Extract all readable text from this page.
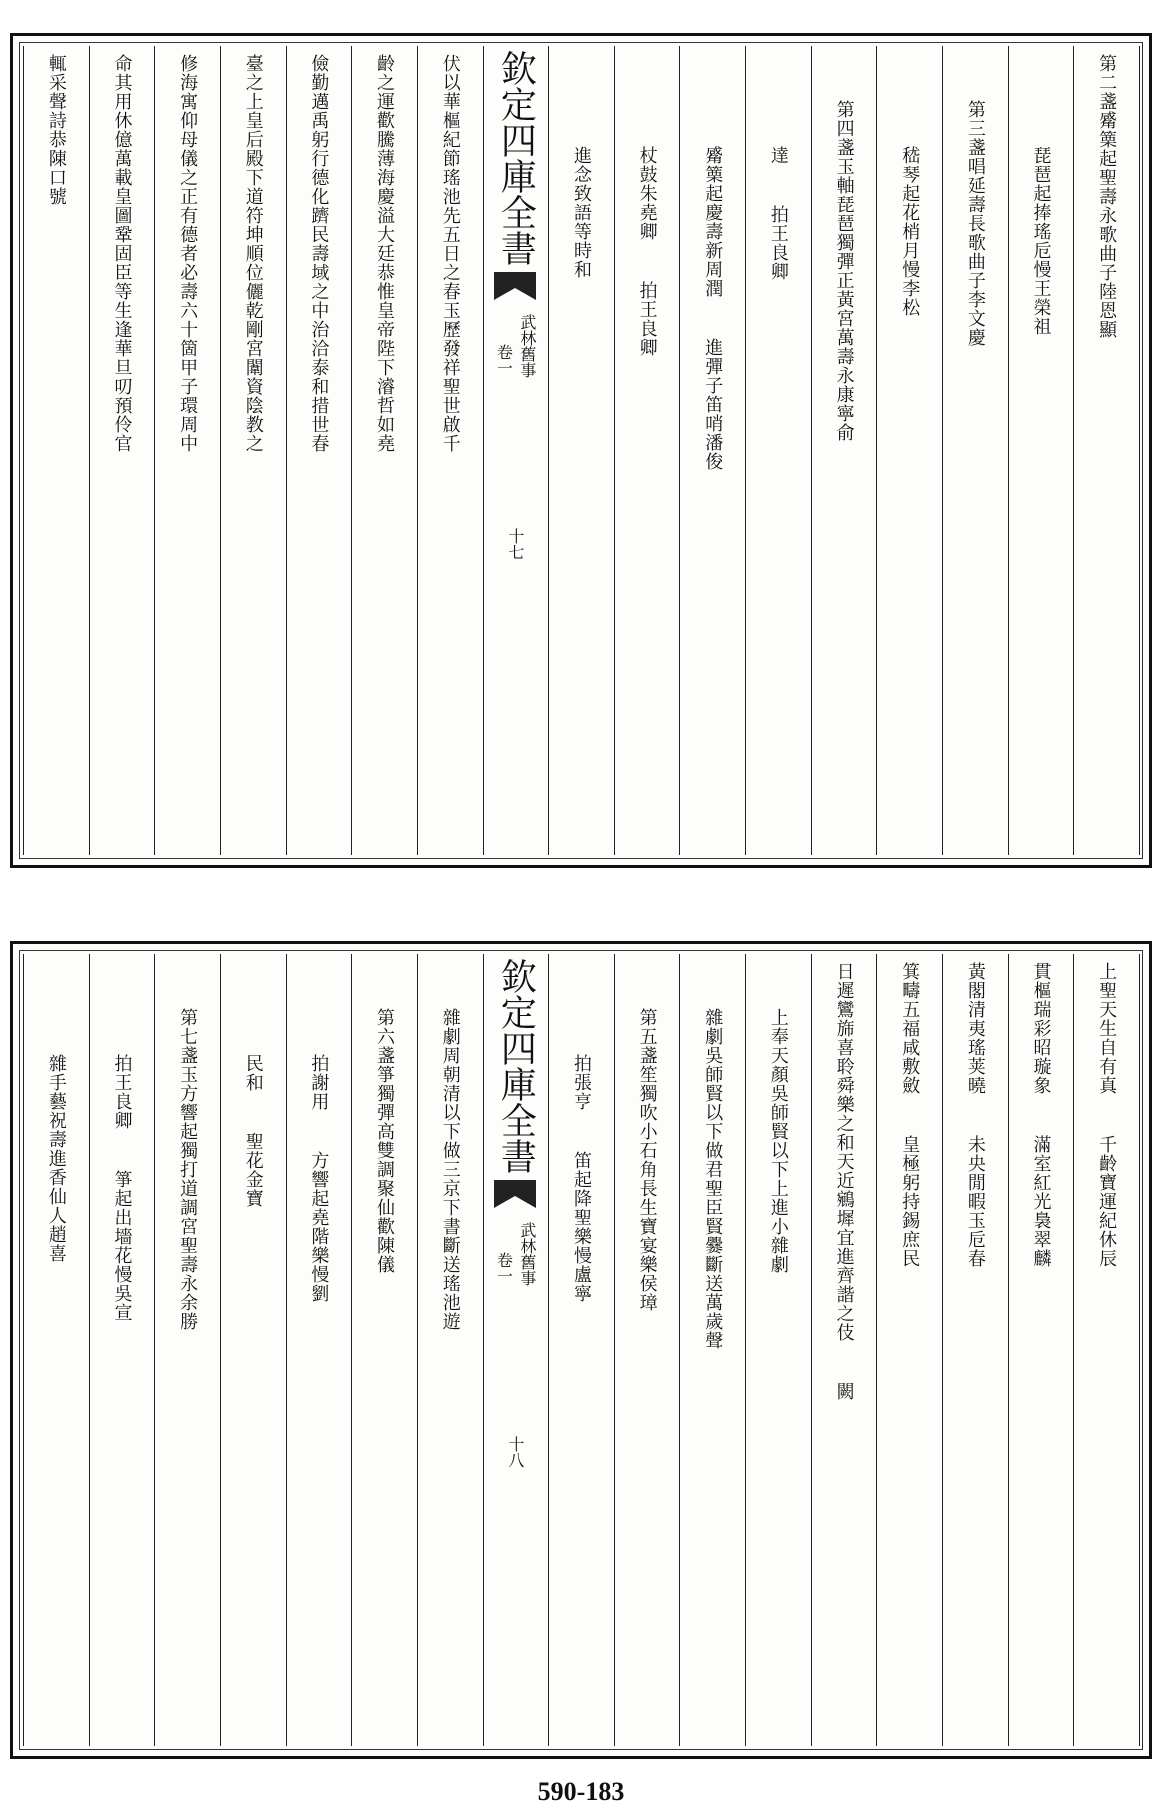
第二盞觱篥起聖壽永歌曲子陸恩顯
琵琶起捧瑤卮慢王榮祖
第三盞唱延壽長歌曲子李文慶
嵇琴起花梢月慢李松
第四盞玉軸琵琶獨彈正黃宮萬壽永康寧俞
達
拍王良卿
觱篥起慶壽新周潤
進彈子笛哨潘俊
杖鼓朱堯卿
拍王良卿
進念致語等時和
欽定四庫全書
武林舊事
卷一
十七
伏以華樞紀節瑤池先五日之春玉歷發祥聖世啟千
齡之運歡騰薄海慶溢大廷恭惟皇帝陛下濬哲如堯
儉勤邁禹躬行德化躋民壽域之中治洽泰和措世春
臺之上皇后殿下道符坤順位儷乾剛宮闈資陰教之
修海寓仰母儀之正有德者必壽六十箇甲子環周中
命其用休億萬載皇圖鞏固臣等生逢華旦叨預伶官
輒采聲詩恭陳口號
上聖天生自有真
千齡寶運紀休辰
貫樞瑞彩昭璇象
滿室紅光裊翠麟
黃閣清夷瑤荚曉
未央閒暇玉卮春
箕疇五福咸敷斂
皇極躬持錫庶民
日遲鸞旆喜聆舜樂之和天近鵷墀宜進齊諧之伎
闕
上奉天顏吳師賢以下上進小雜劇
雜劇吳師賢以下做君聖臣賢爨斷送萬歲聲
第五盞笙獨吹小石角長生寶宴樂侯璋
拍張亨
笛起降聖樂慢盧寧
欽定四庫全書
武林舊事
卷一
十八
雜劇周朝清以下做三京下書斷送瑤池遊
第六盞箏獨彈高雙調聚仙歡陳儀
拍謝用
方響起堯階樂慢劉
民和
聖花金寶
第七盞玉方響起獨打道調宮聖壽永余勝
拍王良卿
箏起出墻花慢吳宣
雜手藝祝壽進香仙人趙喜
590-183
